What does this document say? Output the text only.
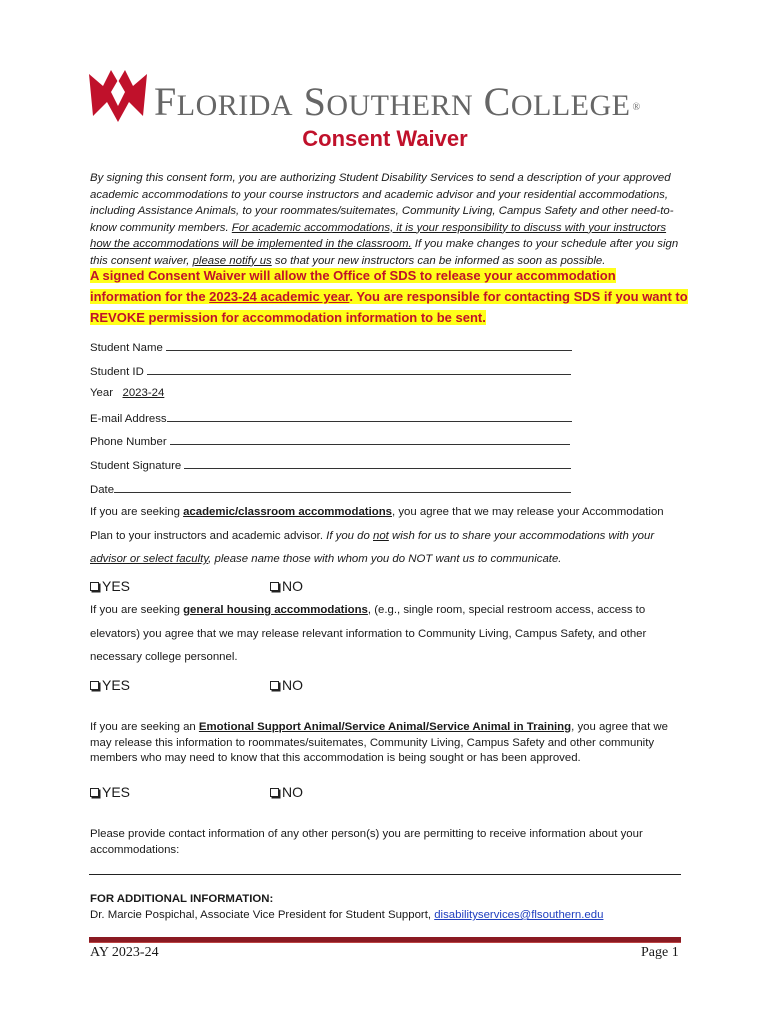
FLORIDA SOUTHERN COLLEGE ®
Consent Waiver
By signing this consent form, you are authorizing Student Disability Services to send a description of your approved academic accommodations to your course instructors and academic advisor and your residential accommodations, including Assistance Animals, to your roommates/suitemates, Community Living, Campus Safety and other need-to-know community members. For academic accommodations, it is your responsibility to discuss with your instructors how the accommodations will be implemented in the classroom. If you make changes to your schedule after you sign this consent waiver, please notify us so that your new instructors can be informed as soon as possible.
A signed Consent Waiver will allow the Office of SDS to release your accommodation information for the 2023-24 academic year. You are responsible for contacting SDS if you want to REVOKE permission for accommodation information to be sent.
Student Name
Student ID
Year 2023-24
E-mail Address
Phone Number
Student Signature
Date
If you are seeking academic/classroom accommodations, you agree that we may release your Accommodation Plan to your instructors and academic advisor. If you do not wish for us to share your accommodations with your advisor or select faculty, please name those with whom you do NOT want us to communicate.
YES	NO
If you are seeking general housing accommodations, (e.g., single room, special restroom access, access to elevators) you agree that we may release relevant information to Community Living, Campus Safety, and other necessary college personnel.
YES	NO
If you are seeking an Emotional Support Animal/Service Animal/Service Animal in Training, you agree that we may release this information to roommates/suitemates, Community Living, Campus Safety and other community members who may need to know that this accommodation is being sought or has been approved.
YES	NO
Please provide contact information of any other person(s) you are permitting to receive information about your accommodations:
FOR ADDITIONAL INFORMATION:
Dr. Marcie Pospichal, Associate Vice President for Student Support, disabilityservices@flsouthern.edu
AY 2023-24	Page 1
